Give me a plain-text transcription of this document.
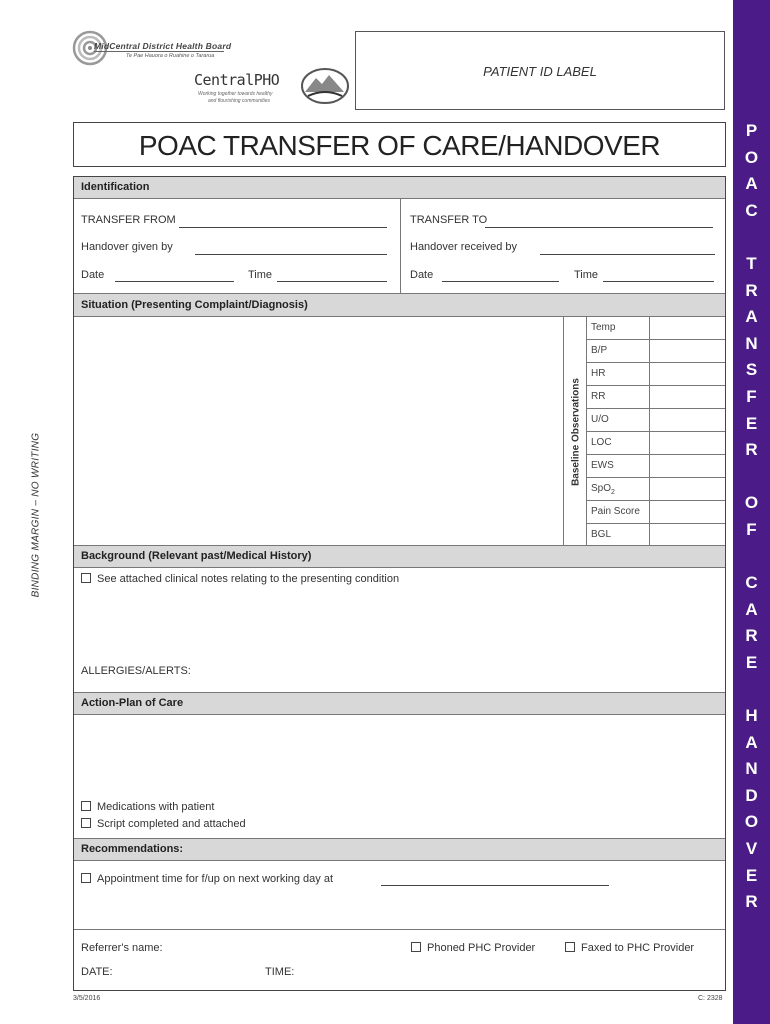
P
O
A
C

T
R
A
N
S
F
E
R

O
F

C
A
R
E

H
A
N
D
O
V
E
R
BINDING MARGIN – NO WRITING
MidCentral District Health Board
Te Pae Hauora o Ruahine o Tararua
CentralPHO
Working together towards healthy
and flourishing communities
PATIENT ID LABEL
POAC TRANSFER OF CARE/HANDOVER
Identification
TRANSFER FROM
Handover given by
Date	Time
TRANSFER TO
Handover received by
Date	Time
Situation (Presenting Complaint/Diagnosis)
Baseline Observations
Temp
B/P
HR
RR
U/O
LOC
EWS
SpO$_2$
Pain Score
BGL
Background (Relevant past/Medical History)
See attached clinical notes relating to the presenting condition
ALLERGIES/ALERTS:
Action-Plan of Care
Medications with patient
Script completed and attached
Recommendations:
Appointment time for f/up on next working day at
Referrer's name:	Phoned PHC Provider	Faxed to PHC Provider
DATE:	TIME:
3/5/2016	C: 2328
